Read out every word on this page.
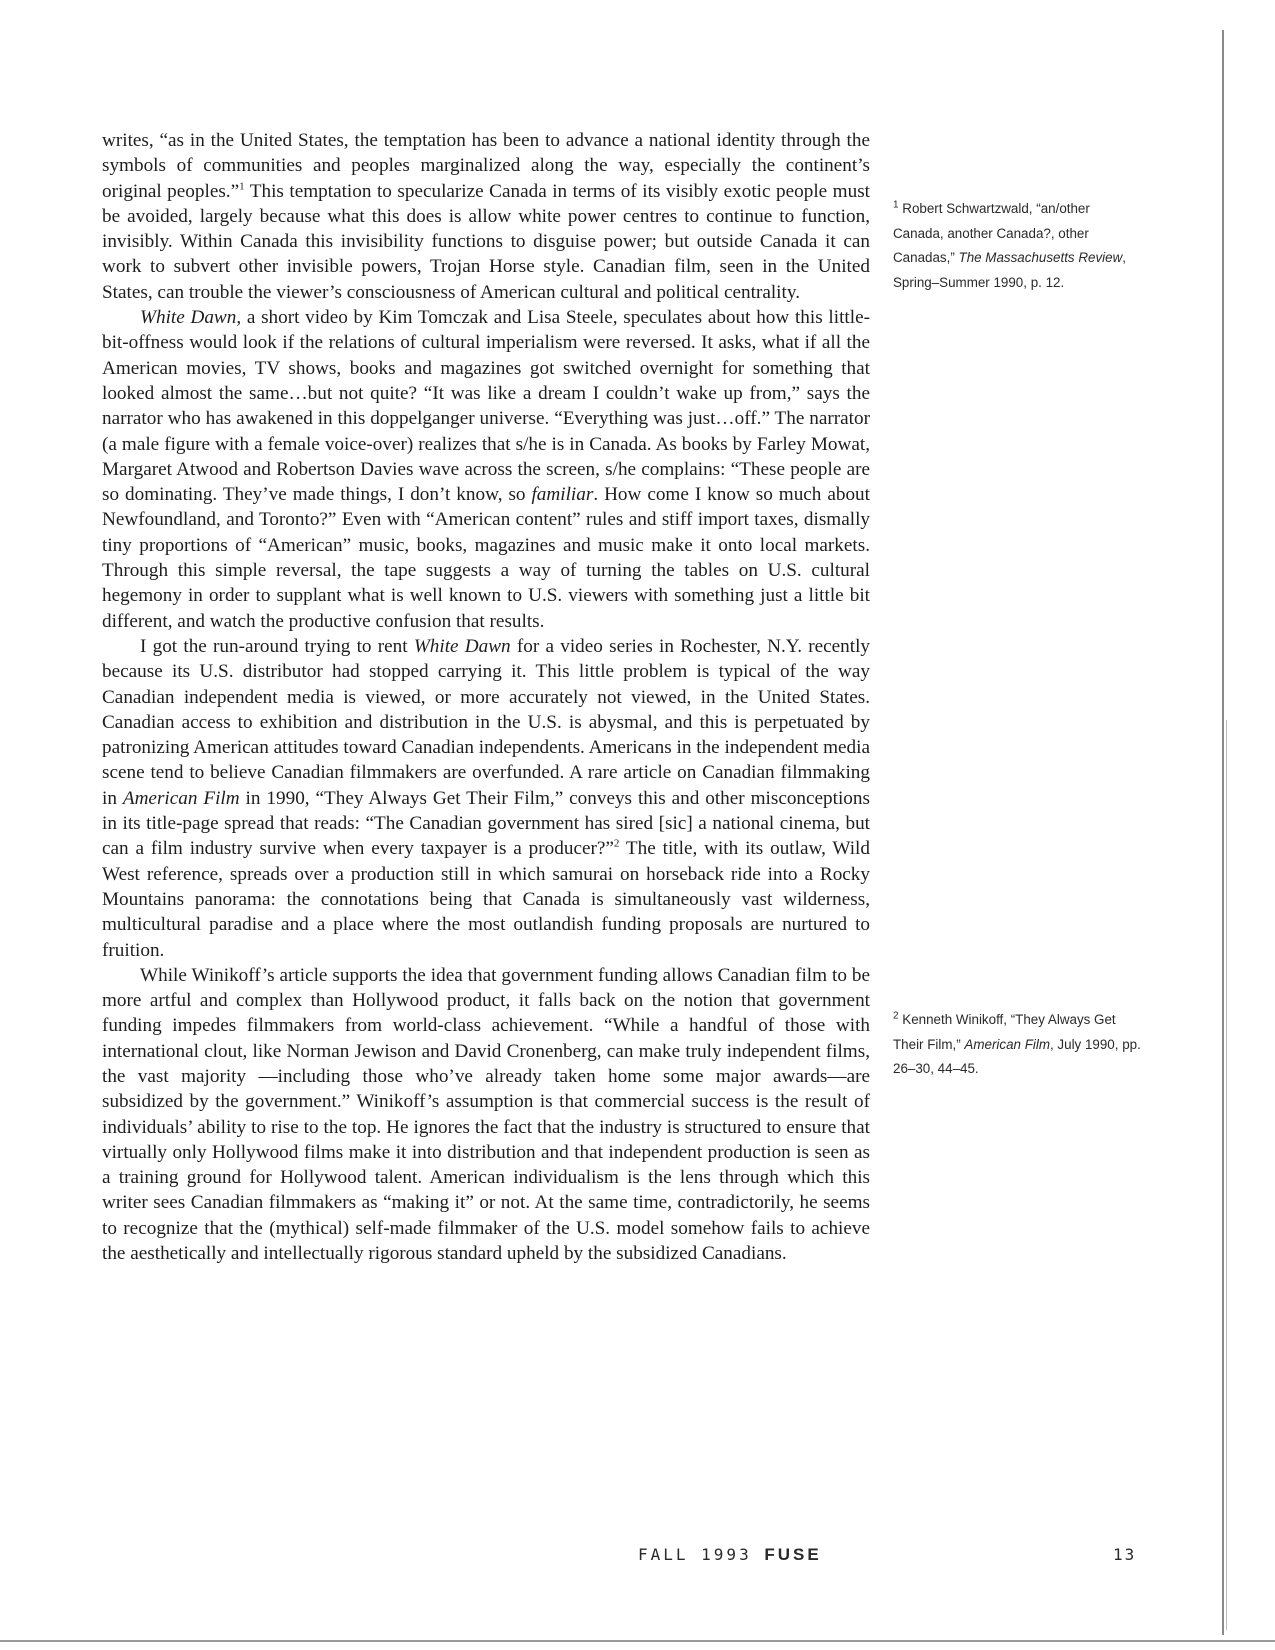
writes, “as in the United States, the temptation has been to advance a national identity through the symbols of communities and peoples marginalized along the way, especially the continent’s original peoples.”$^1$ This temptation to specularize Canada in terms of its visibly exotic people must be avoided, largely because what this does is allow white power centres to continue to function, invisibly. Within Canada this invisibility functions to disguise power; but outside Canada it can work to subvert other invisible powers, Trojan Horse style. Canadian film, seen in the United States, can trouble the viewer’s consciousness of American cultural and political centrality.

White Dawn, a short video by Kim Tomczak and Lisa Steele, speculates about how this little-bit-offness would look if the relations of cultural imperialism were reversed. It asks, what if all the American movies, TV shows, books and magazines got switched overnight for something that looked almost the same…but not quite? “It was like a dream I couldn’t wake up from,” says the narrator who has awakened in this doppelganger universe. “Everything was just…off.” The narrator (a male figure with a female voice-over) realizes that s/he is in Canada. As books by Farley Mowat, Margaret Atwood and Robertson Davies wave across the screen, s/he complains: “These people are so dominating. They’ve made things, I don’t know, so familiar. How come I know so much about Newfoundland, and Toronto?” Even with “American content” rules and stiff import taxes, dismally tiny proportions of “American” music, books, magazines and music make it onto local markets. Through this simple reversal, the tape suggests a way of turning the tables on U.S. cultural hegemony in order to supplant what is well known to U.S. viewers with something just a little bit different, and watch the productive confusion that results.

I got the run-around trying to rent White Dawn for a video series in Rochester, N.Y. recently because its U.S. distributor had stopped carrying it. This little problem is typical of the way Canadian independent media is viewed, or more accurately not viewed, in the United States. Canadian access to exhibition and distribution in the U.S. is abysmal, and this is perpetuated by patronizing American attitudes toward Canadian independents. Americans in the independent media scene tend to believe Canadian filmmakers are overfunded. A rare article on Canadian filmmaking in American Film in 1990, “They Always Get Their Film,” conveys this and other misconceptions in its title-page spread that reads: “The Canadian government has sired [sic] a national cinema, but can a film industry survive when every taxpayer is a producer?”$^2$ The title, with its outlaw, Wild West reference, spreads over a production still in which samurai on horseback ride into a Rocky Mountains panorama: the connotations being that Canada is simultaneously vast wilderness, multicultural paradise and a place where the most outlandish funding proposals are nurtured to fruition.

While Winikoff’s article supports the idea that government funding allows Canadian film to be more artful and complex than Hollywood product, it falls back on the notion that government funding impedes filmmakers from world-class achievement. “While a handful of those with international clout, like Norman Jewison and David Cronenberg, can make truly independent films, the vast majority —including those who’ve already taken home some major awards—are subsidized by the government.” Winikoff’s assumption is that commercial success is the result of individuals’ ability to rise to the top. He ignores the fact that the industry is structured to ensure that virtually only Hollywood films make it into distribution and that independent production is seen as a training ground for Hollywood talent. American individualism is the lens through which this writer sees Canadian filmmakers as “making it” or not. At the same time, contradictorily, he seems to recognize that the (mythical) self-made filmmaker of the U.S. model somehow fails to achieve the aesthetically and intellectually rigorous standard upheld by the subsidized Canadians.

$^1$ Robert Schwartzwald, “an/other Canada, another Canada?, other Canadas,” The Massachusetts Review, Spring–Summer 1990, p. 12.
$^2$ Kenneth Winikoff, “They Always Get Their Film,” American Film, July 1990, pp. 26–30, 44–45.
FALL 1993 FUSE	13
